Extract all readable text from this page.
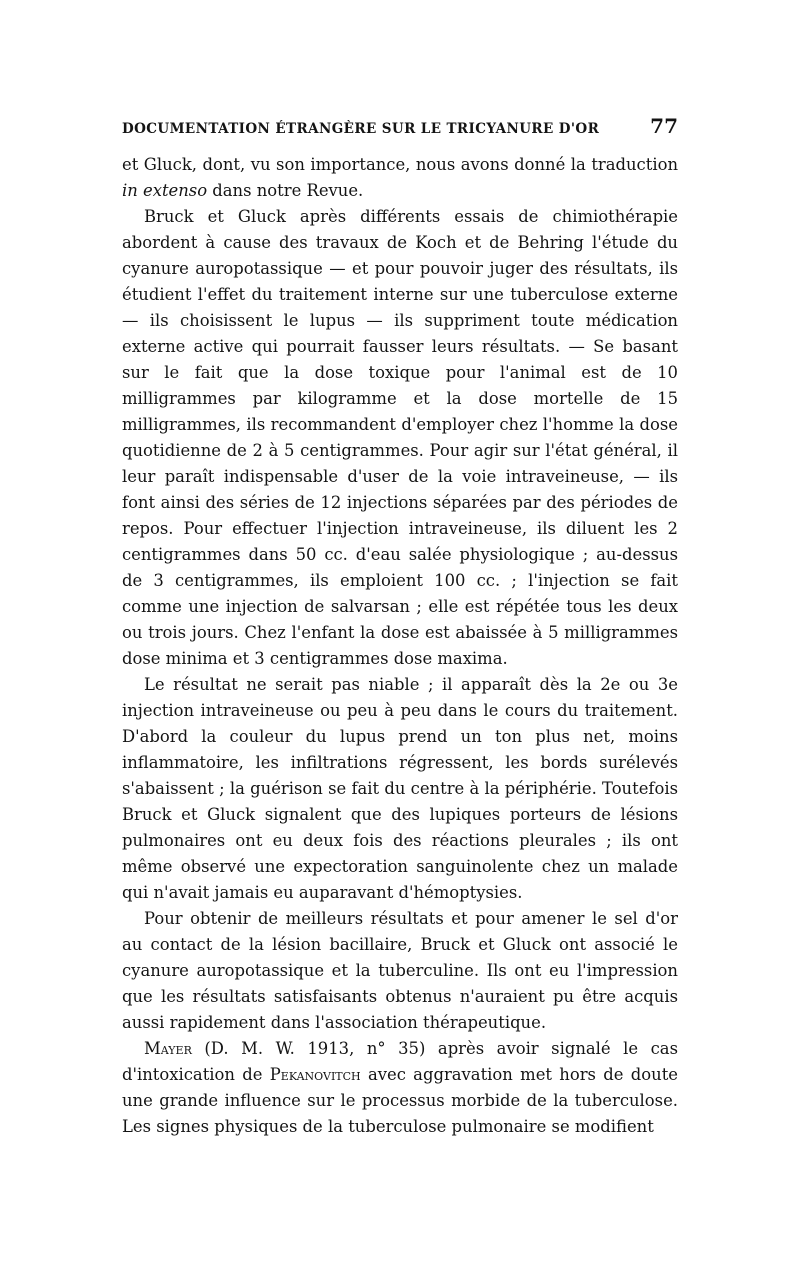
DOCUMENTATION ÉTRANGÈRE SUR LE TRICYANURE D'OR	77

et Gluck, dont, vu son importance, nous avons donné la traduction in extenso dans notre Revue.

Bruck et Gluck après différents essais de chimiothérapie abordent à cause des travaux de Koch et de Behring l'étude du cyanure auropotassique — et pour pouvoir juger des résultats, ils étudient l'effet du traitement interne sur une tuberculose externe — ils choisissent le lupus — ils suppriment toute médication externe active qui pourrait fausser leurs résultats. — Se basant sur le fait que la dose toxique pour l'animal est de 10 milligrammes par kilogramme et la dose mortelle de 15 milligrammes, ils recommandent d'employer chez l'homme la dose quotidienne de 2 à 5 centigrammes. Pour agir sur l'état général, il leur paraît indispensable d'user de la voie intraveineuse, — ils font ainsi des séries de 12 injections séparées par des périodes de repos. Pour effectuer l'injection intraveineuse, ils diluent les 2 centigrammes dans 50 cc. d'eau salée physiologique ; au-dessus de 3 centigrammes, ils emploient 100 cc. ; l'injection se fait comme une injection de salvarsan ; elle est répétée tous les deux ou trois jours. Chez l'enfant la dose est abaissée à 5 milligrammes dose minima et 3 centigrammes dose maxima.

Le résultat ne serait pas niable ; il apparaît dès la 2e ou 3e injection intraveineuse ou peu à peu dans le cours du traitement. D'abord la couleur du lupus prend un ton plus net, moins inflammatoire, les infiltrations régressent, les bords surélevés s'abaissent ; la guérison se fait du centre à la périphérie. Toutefois Bruck et Gluck signalent que des lupiques porteurs de lésions pulmonaires ont eu deux fois des réactions pleurales ; ils ont même observé une expectoration sanguinolente chez un malade qui n'avait jamais eu auparavant d'hémoptysies.

Pour obtenir de meilleurs résultats et pour amener le sel d'or au contact de la lésion bacillaire, Bruck et Gluck ont associé le cyanure auropotassique et la tuberculine. Ils ont eu l'impression que les résultats satisfaisants obtenus n'auraient pu être acquis aussi rapidement dans l'association thérapeutique.

Mayer (D. M. W. 1913, n° 35) après avoir signalé le cas d'intoxication de Pekanovitch avec aggravation met hors de doute une grande influence sur le processus morbide de la tuberculose. Les signes physiques de la tuberculose pulmonaire se modifient
